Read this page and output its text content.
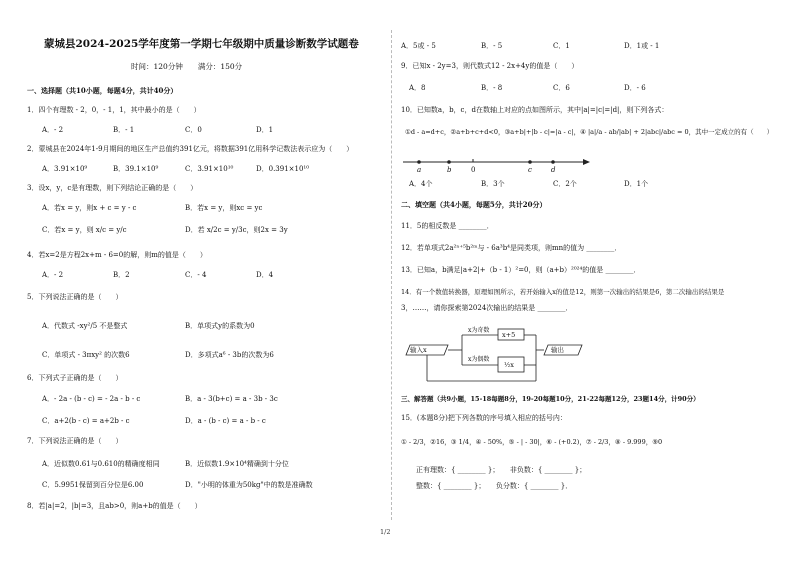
蒙城县2024-2025学年度第一学期七年级期中质量诊断数学试题卷
时间：120分钟　　满分：150分
一、选择题（共10小题，每题4分，共计40分）
1．四个有理数 - 2，0，- 1，1，其中最小的是（　　）
A．- 2	B．- 1	C．0	D．1
2．蒙城县在2024年1-9月期间的地区生产总值约391亿元，将数据391亿用科学记数法表示应为（　　）
A．3.91×10⁹	B．39.1×10⁹	C．3.91×10¹⁰	D．0.391×10¹⁰
3．设x，y，c是有理数，则下列结论正确的是（　　）
A．若x = y，则x + c = y - c	B．若x = y，则xc = yc
C．若x = y，则 x/c = y/c	D．若 x/2c = y/3c，则2x = 3y
4．若x=2是方程2x+m - 6=0的解，则m的值是（　　）
A．- 2	B．2	C．- 4	D．4
5．下列说法正确的是（　　）
A．代数式 -xy²/5 不是整式	B．单项式y的系数为0
C．单项式 - 3πxy² 的次数6	D．多项式a⁶ - 3b的次数为6
6．下列式子正确的是（　　）
A．- 2a - (b - c) = - 2a - b - c	B．a - 3(b+c) = a - 3b - 3c
C．a+2(b - c) = a+2b - c	D．a - (b - c) = a - b - c
7．下列说法正确的是（　　）
A．近似数0.61与0.610的精确度相同	B．近似数1.9×10⁴精确到十分位
C．5.9951保留到百分位是6.00	D．"小明的体重为50kg"中的数是准确数
8．若|a|=2，|b|=3，且ab>0，则a+b的值是（　　）
A．5或 - 5	B．- 5	C．1	D．1或 - 1
9．已知x - 2y=3，则代数式12 - 2x+4y的值是（　　）
A．8	B．- 8	C．6	D．- 6
10．已知数a，b，c，d在数轴上对应的点如图所示，其中|a|=|c|=|d|，则下列各式：
①d - a=d+c，②a+b+c+d<0，③a+b|+|b - c|=|a - c|，④ |a|/a - ab/|ab| + 2|abc|/abc = 0，其中一定成立的有（　　）
a	b	0	c	d
A．4个	B．3个	C．2个	D．1个
二、填空题（共4小题，每题5分，共计20分）
11．5的相反数是 ________．
12．若单项式2a²ⁿ⁺⁵b²ᵐ与 - 6a³b⁴是同类项，则mn的值为 ________．
13．已知a，b满足|a+2|+（b - 1）²=0，则（a+b）²⁰²⁴的值是 ________．
14．有一个数值转换器，原理如图所示，若开始输入x的值是12，则第一次输出的结果是6，第二次输出的结果是
3，……，请你探索第2024次输出的结果是 ________．
输入x
x为奇数
x为偶数
x+5
½x
输出
三、解答题（共9小题，15-18每题8分，19-20每题10分，21-22每题12分，23题14分，计90分）
15．(本题8分)把下列各数的序号填入相应的括号内：
① - 2/3，②16，③ 1/4，④ - 50%，⑤ - | - 30|，⑥ - (+0.2)，⑦ - 2/3，⑧ - 9.999，⑨0
正有理数：{ ________ }；　　非负数：{ ________ }；
整数：{ ________ }；　　负分数：{ ________ }．
1/2
